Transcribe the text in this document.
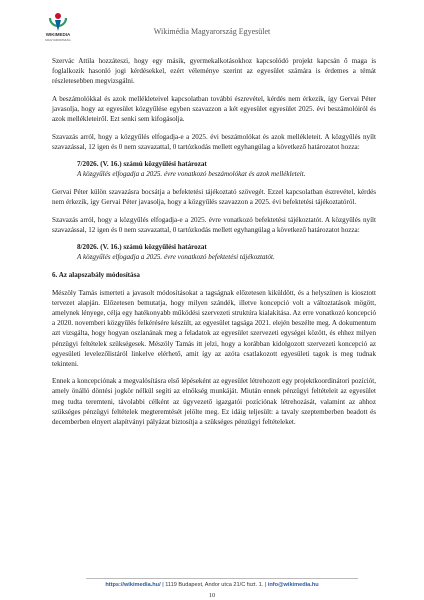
WIKIMEDIA
MAGYARORSZÁG
Wikimédia Magyarország Egyesület

Szervác Attila hozzáteszi, hogy egy másik, gyermekalkotásokhoz kapcsolódó projekt kapcsán ő maga is foglalkozik hasonló jogi kérdésekkel, ezért véleménye szerint az egyesület számára is érdemes a témát részletesebben megvizsgálni.

A beszámolókkal és azok mellékleteivel kapcsolatban további észrevétel, kérdés nem érkezik, így Gervai Péter javasolja, hogy az egyesület közgyűlése egyben szavazzon a két egyesület egyesület 2025. évi beszámolóiról és azok mellékleteiről. Ezt senki sem kifogásolja.

Szavazás arról, hogy a közgyűlés elfogadja-e a 2025. évi beszámolókat és azok mellékleteit. A közgyűlés nyílt szavazással, 12 igen és 0 nem szavazattal, 0 tartózkodás mellett egyhangúlag a következő határozatot hozza:

7/2026. (V. 16.) számú közgyűlési határozat
A közgyűlés elfogadja a 2025. évre vonatkozó beszámolókat és azok mellékleteit.

Gervai Péter külön szavazásra bocsátja a befektetési tájékoztató szövegét. Ezzel kapcsolatban észrevétel, kérdés nem érkezik, így Gervai Péter javasolja, hogy a közgyűlés szavazzon a 2025. évi befektetési tájékoztatóról.

Szavazás arról, hogy a közgyűlés elfogadja-e a 2025. évre vonatkozó befektetési tájékoztatót. A közgyűlés nyílt szavazással, 12 igen és 0 nem szavazattal, 0 tartózkodás mellett egyhangúlag a következő határozatot hozza:

8/2026. (V. 16.) számú közgyűlési határozat
A közgyűlés elfogadja a 2025. évre vonatkozó befektetési tájékoztatót.
6. Az alapszabály módosítása

Mészöly Tamás ismerteti a javasolt módosításokat a tagságnak előzetesen kiküldött, és a helyszínen is kiosztott tervezet alapján. Előzetesen bemutatja, hogy milyen szándék, illetve koncepció volt a változtatások mögött, amelynek lényege, célja egy hatékonyabb működési szervezeti struktúra kialakítása. Az erre vonatkozó koncepció a 2020. novemberi közgyűlés felkérésére készült, az egyesület tagsága 2021. elején beszélte meg. A dokumentum azt vizsgálta, hogy hogyan oszlanának meg a feladatok az egyesület szervezeti egységei között, és ehhez milyen pénzügyi feltételek szükségesek. Mészöly Tamás itt jelzi, hogy a korábban kidolgozott szervezeti koncepció az egyesületi levelezőlistáról linkelve elérhető, amit így az azóta csatlakozott egyesületi tagok is meg tudnak tekinteni.

Ennek a koncepciónak a megvalósításra első lépéseként az egyesület létrehozott egy projektkoordinátori pozíciót, amely önálló döntési jogkör nélkül segíti az elnökség munkáját. Miután ennek pénzügyi feltételeit az egyesület meg tudta teremteni, távolabbi célként az ügyvezető igazgatói pozíciónak létrehozását, valamint az ahhoz szükséges pénzügyi feltételek megteremtését jelölte meg. Ez idáig teljesült: a tavaly szeptemberben beadott és decemberben elnyert alapítványi pályázat biztosítja a szükséges pénzügyi feltételeket.

https://wikimedia.hu/ | 1119 Budapest, Andor utca 21/C fszt. 1. | info@wikimedia.hu
10
